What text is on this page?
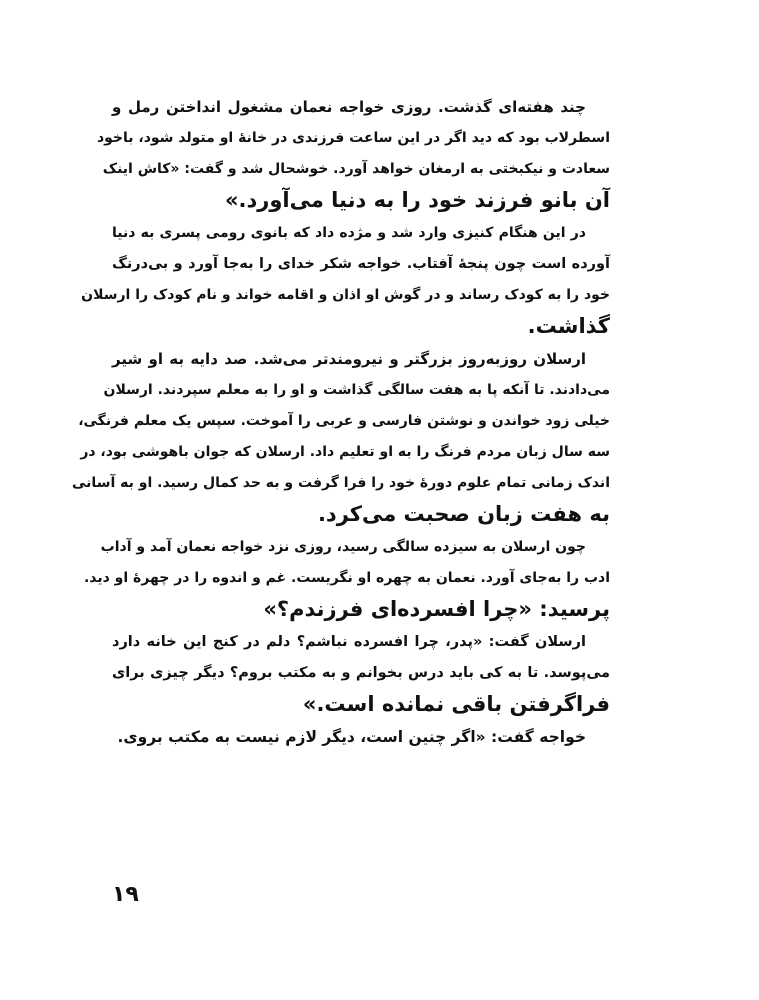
چند هفته‌ای گذشت. روزی خواجه نعمان مشغول انداختن رمل و
اسطرلاب بود که دید اگر در این ساعت فرزندی در خانهٔ او متولد شود، باخود
سعادت و نیکبختی به ارمغان خواهد آورد. خوشحال شد و گفت: «کاش اینک
آن بانو فرزند خود را به دنیا می‌آورد.»

در این هنگام کنیزی وارد شد و مژده داد که بانوی رومی پسری به دنیا
آورده است چون پنجهٔ آفتاب. خواجه شکر خدای را به‌جا آورد و بی‌درنگ
خود را به کودک رساند و در گوش او اذان و اقامه خواند و نام کودک را ارسلان
گذاشت.

ارسلان روزبه‌روز بزرگتر و نیرومندتر می‌شد. صد دایه به او شیر
می‌دادند. تا آنکه پا به هفت سالگی گذاشت و او را به معلم سپردند. ارسلان
خیلی زود خواندن و نوشتن فارسی و عربی را آموخت. سپس یک معلم فرنگی،
سه سال زبان مردم فرنگ را به او تعلیم داد. ارسلان که جوان باهوشی بود، در
اندک زمانی تمام علوم دورهٔ خود را فرا گرفت و به حد کمال رسید. او به آسانی
به هفت زبان صحبت می‌کرد.

چون ارسلان به سیزده سالگی رسید، روزی نزد خواجه نعمان آمد و آداب
ادب را به‌جای آورد. نعمان به چهره او نگریست. غم و اندوه را در چهرهٔ او دید.
پرسید: «چرا افسرده‌ای فرزندم؟»

ارسلان گفت: «پدر، چرا افسرده نباشم؟ دلم در کنج این خانه دارد
می‌پوسد. تا به کی باید درس بخوانم و به مکتب بروم؟ دیگر چیزی برای
فراگرفتن باقی نمانده است.»

خواجه گفت: «اگر چنین است، دیگر لازم نیست به مکتب بروی.

۱۹
